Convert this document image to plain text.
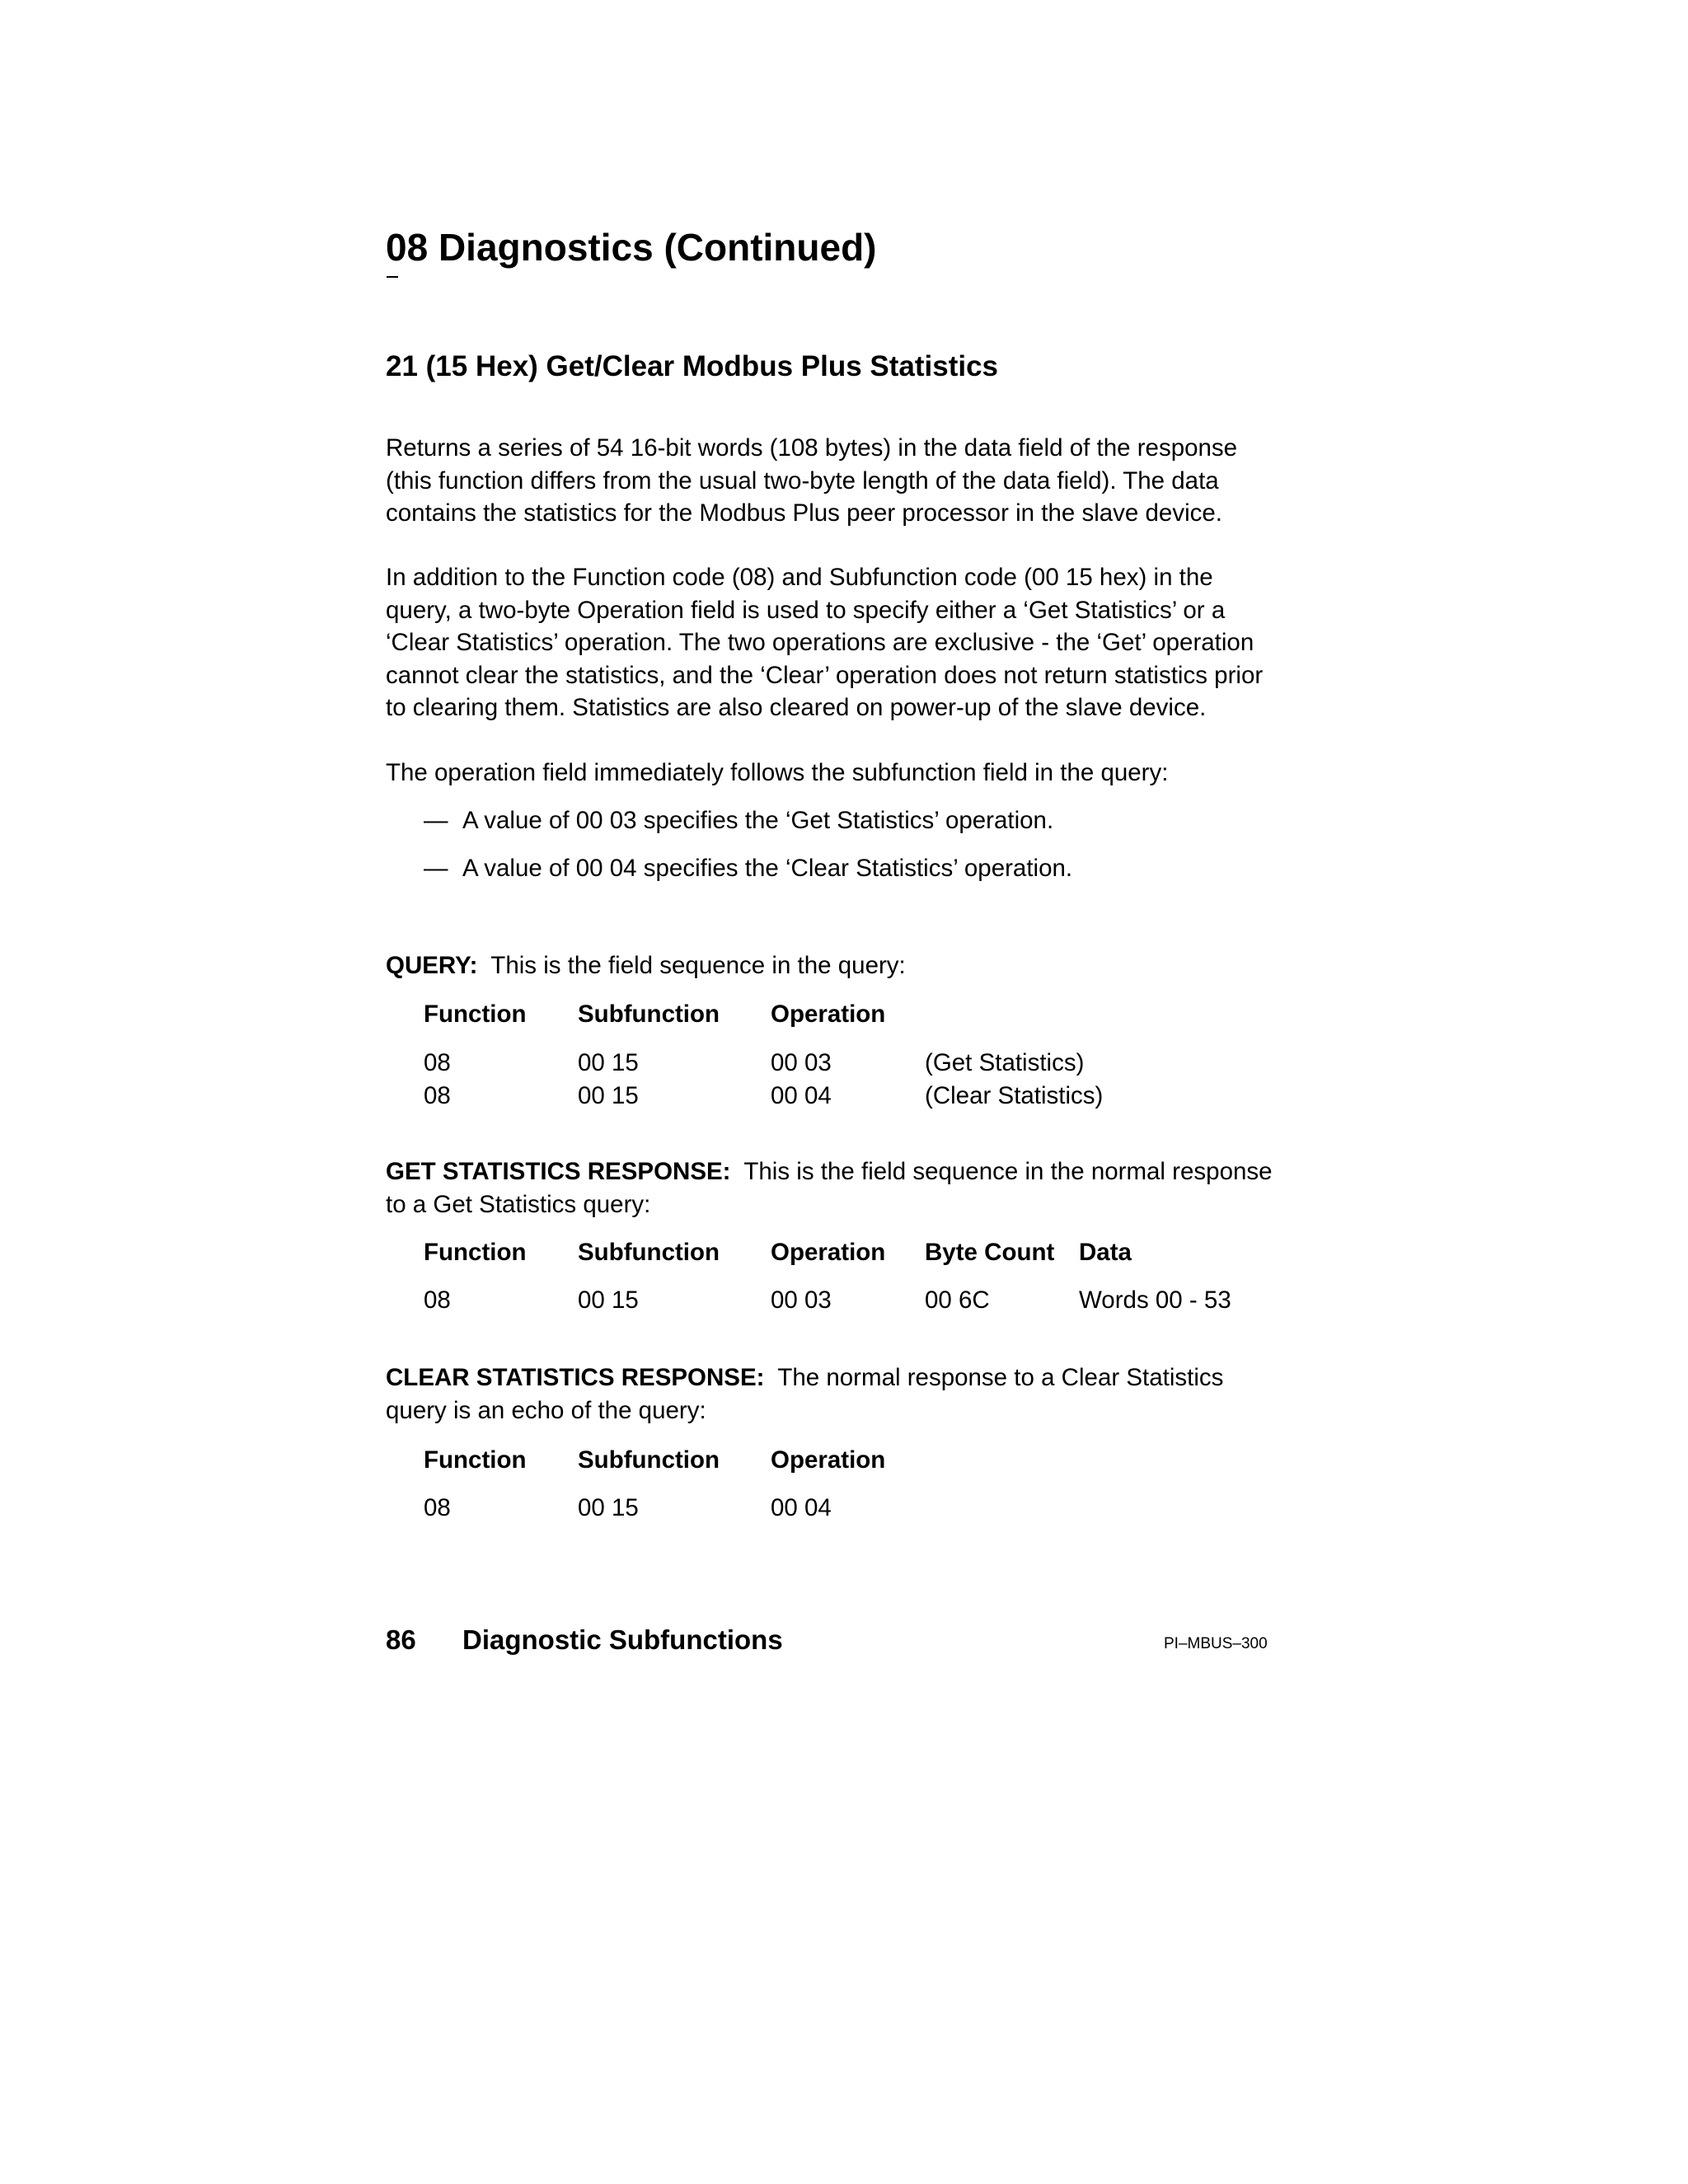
08 Diagnostics (Continued)
21 (15 Hex) Get/Clear Modbus Plus Statistics
Returns a series of 54 16-bit words (108 bytes) in the data field of the response
(this function differs from the usual two-byte length of the data field). The data
contains the statistics for the Modbus Plus peer processor in the slave device.
In addition to the Function code (08) and Subfunction code (00 15 hex) in the
query, a two-byte Operation field is used to specify either a ‘Get Statistics’ or a
‘Clear Statistics’ operation. The two operations are exclusive - the ‘Get’ operation
cannot clear the statistics, and the ‘Clear’ operation does not return statistics prior
to clearing them. Statistics are also cleared on power-up of the slave device.
The operation field immediately follows the subfunction field in the query:
— A value of 00 03 specifies the ‘Get Statistics’ operation.
— A value of 00 04 specifies the ‘Clear Statistics’ operation.
QUERY:  This is the field sequence in the query:
Function Subfunction Operation
08	00 15	00 03	(Get Statistics)
08	00 15	00 04	(Clear Statistics)
GET STATISTICS RESPONSE:  This is the field sequence in the normal response
to a Get Statistics query:
Function Subfunction Operation Byte Count Data
08	00 15	00 03	00 6C	Words 00 - 53
CLEAR STATISTICS RESPONSE:  The normal response to a Clear Statistics
query is an echo of the query:
Function Subfunction Operation
08	00 15	00 04
86 Diagnostic Subfunctions	PI–MBUS–300
